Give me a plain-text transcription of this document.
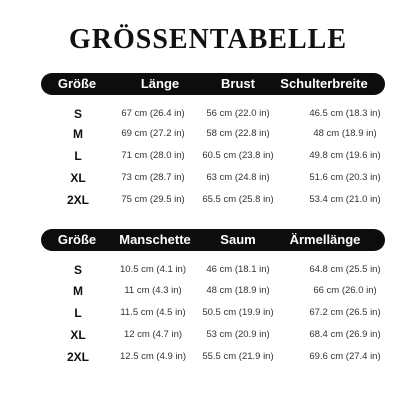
GRÖSSENTABELLE
Größe	Länge	Brust	Schulterbreite
S	67 cm (26.4 in)	56 cm (22.0 in)	46.5 cm (18.3 in)
M	69 cm (27.2 in)	58 cm (22.8 in)	48 cm (18.9 in)
L	71 cm (28.0 in)	60.5 cm (23.8 in)	49.8 cm (19.6 in)
XL	73 cm (28.7 in)	63 cm (24.8 in)	51.6 cm (20.3 in)
2XL	75 cm (29.5 in)	65.5 cm (25.8 in)	53.4 cm (21.0 in)
Größe	Manschette	Saum	Ärmellänge
S	10.5 cm (4.1 in)	46 cm (18.1 in)	64.8 cm (25.5 in)
M	11 cm (4.3 in)	48 cm (18.9 in)	66 cm (26.0 in)
L	11.5 cm (4.5 in)	50.5 cm (19.9 in)	67.2 cm (26.5 in)
XL	12 cm (4.7 in)	53 cm (20.9 in)	68.4 cm (26.9 in)
2XL	12.5 cm (4.9 in)	55.5 cm (21.9 in)	69.6 cm (27.4 in)
